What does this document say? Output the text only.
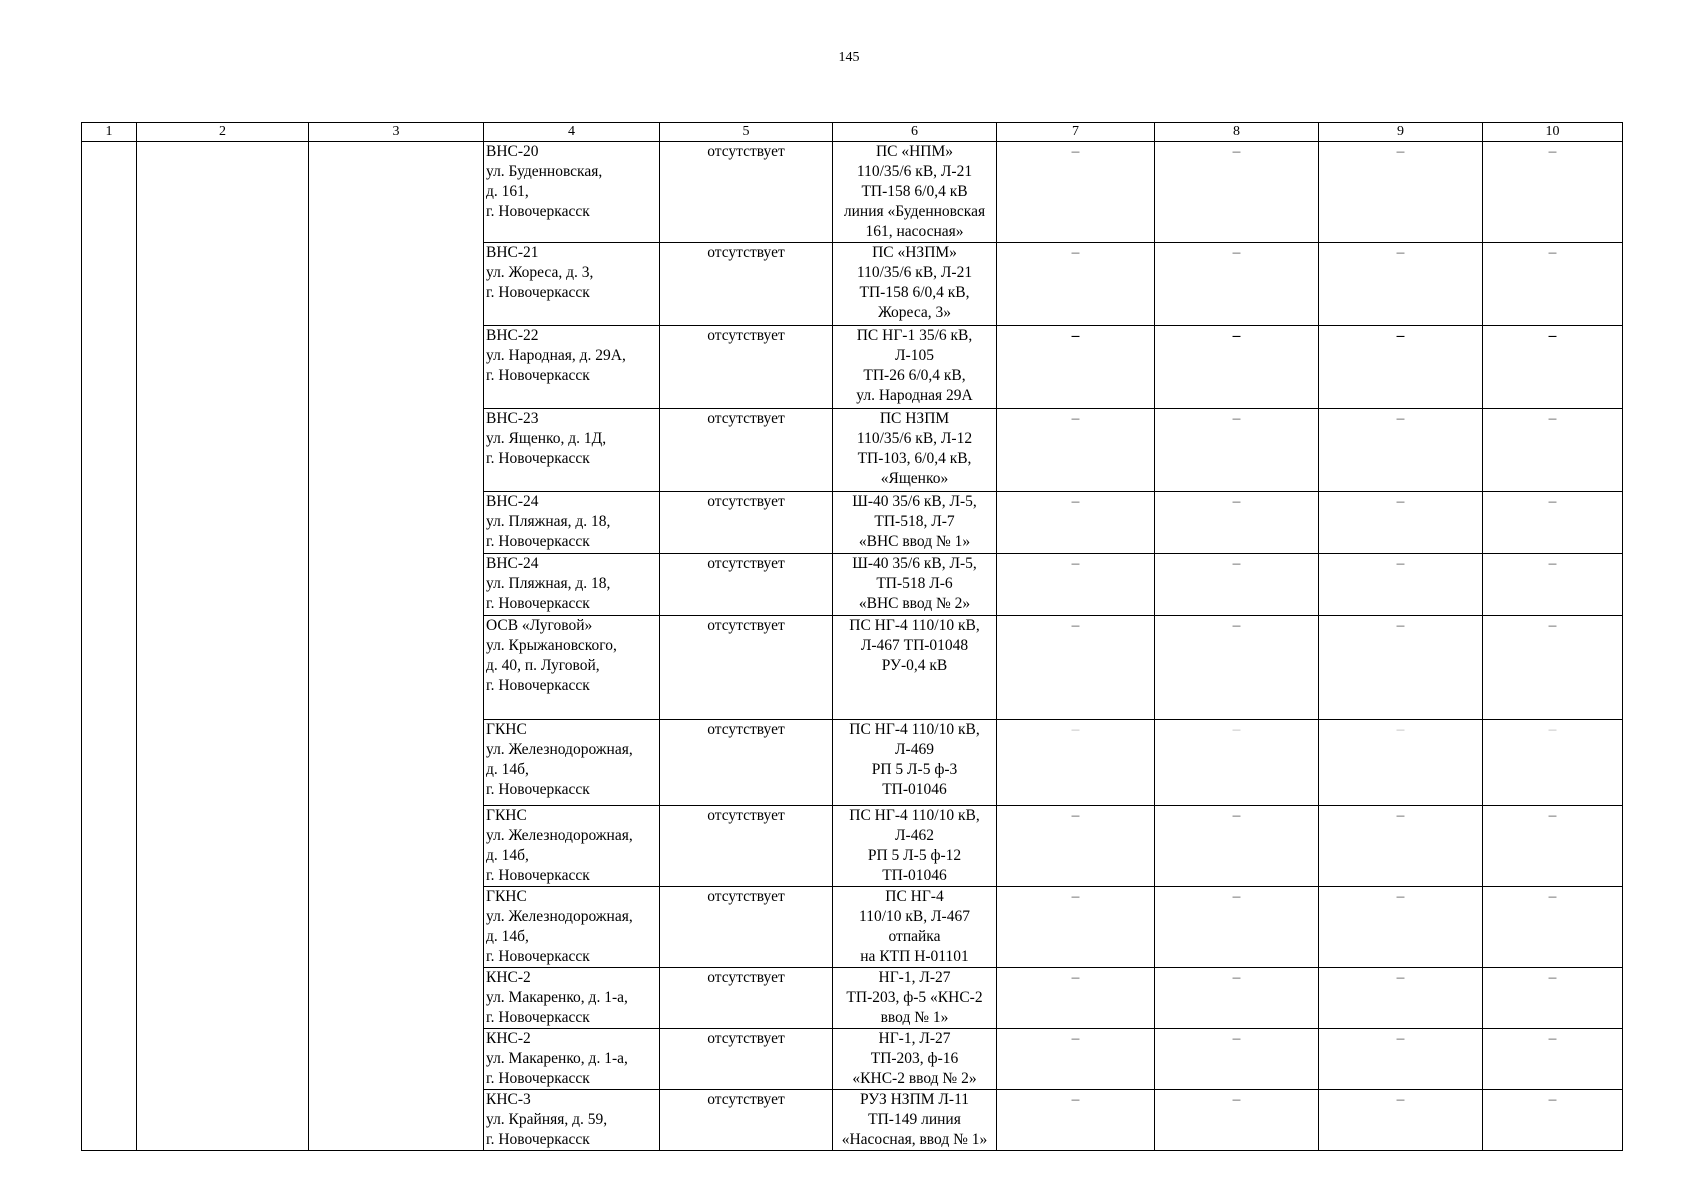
145
1	2	3	4	5	6	7	8	9	10
			ВНС-20
ул. Буденновская,
д. 161,
г. Новочеркасск	отсутствует	ПС «НПМ»
110/35/6 кВ, Л-21
ТП-158 6/0,4 кВ
линия «Буденновская
161, насосная»	–	–	–	–
			ВНС-21
ул. Жореса, д. 3,
г. Новочеркасск	отсутствует	ПС «НЗПМ»
110/35/6 кВ, Л-21
ТП-158 6/0,4 кВ,
Жореса, 3»	–	–	–	–
			ВНС-22
ул. Народная, д. 29А,
г. Новочеркасск	отсутствует	ПС НГ-1 35/6 кВ,
Л-105
ТП-26 6/0,4 кВ,
ул. Народная 29А	–	–	–	–
			ВНС-23
ул. Ященко, д. 1Д,
г. Новочеркасск	отсутствует	ПС НЗПМ
110/35/6 кВ, Л-12
ТП-103, 6/0,4 кВ,
«Ященко»	–	–	–	–
			ВНС-24
ул. Пляжная, д. 18,
г. Новочеркасск	отсутствует	Ш-40 35/6 кВ, Л-5,
ТП-518, Л-7
«ВНС ввод № 1»	–	–	–	–
			ВНС-24
ул. Пляжная, д. 18,
г. Новочеркасск	отсутствует	Ш-40 35/6 кВ, Л-5,
ТП-518 Л-6
«ВНС ввод № 2»	–	–	–	–
			ОСВ «Луговой»
ул. Крыжановского,
д. 40, п. Луговой,
г. Новочеркасск	отсутствует	ПС НГ-4 110/10 кВ,
Л-467 ТП-01048
РУ-0,4 кВ	–	–	–	–
			ГКНС
ул. Железнодорожная,
д. 14б,
г. Новочеркасск	отсутствует	ПС НГ-4 110/10 кВ,
Л-469
РП 5 Л-5 ф-3
ТП-01046	–	–	–	–
			ГКНС
ул. Железнодорожная,
д. 14б,
г. Новочеркасск	отсутствует	ПС НГ-4 110/10 кВ,
Л-462
РП 5 Л-5 ф-12
ТП-01046	–	–	–	–
			ГКНС
ул. Железнодорожная,
д. 14б,
г. Новочеркасск	отсутствует	ПС НГ-4
110/10 кВ, Л-467
отпайка
на КТП Н-01101	–	–	–	–
			КНС-2
ул. Макаренко, д. 1-а,
г. Новочеркасск	отсутствует	НГ-1, Л-27
ТП-203, ф-5 «КНС-2
ввод № 1»	–	–	–	–
			КНС-2
ул. Макаренко, д. 1-а,
г. Новочеркасск	отсутствует	НГ-1, Л-27
ТП-203, ф-16
«КНС-2 ввод № 2»	–	–	–	–
			КНС-3
ул. Крайняя, д. 59,
г. Новочеркасск	отсутствует	РУЗ НЗПМ Л-11
ТП-149 линия
«Насосная, ввод № 1»	–	–	–	–
